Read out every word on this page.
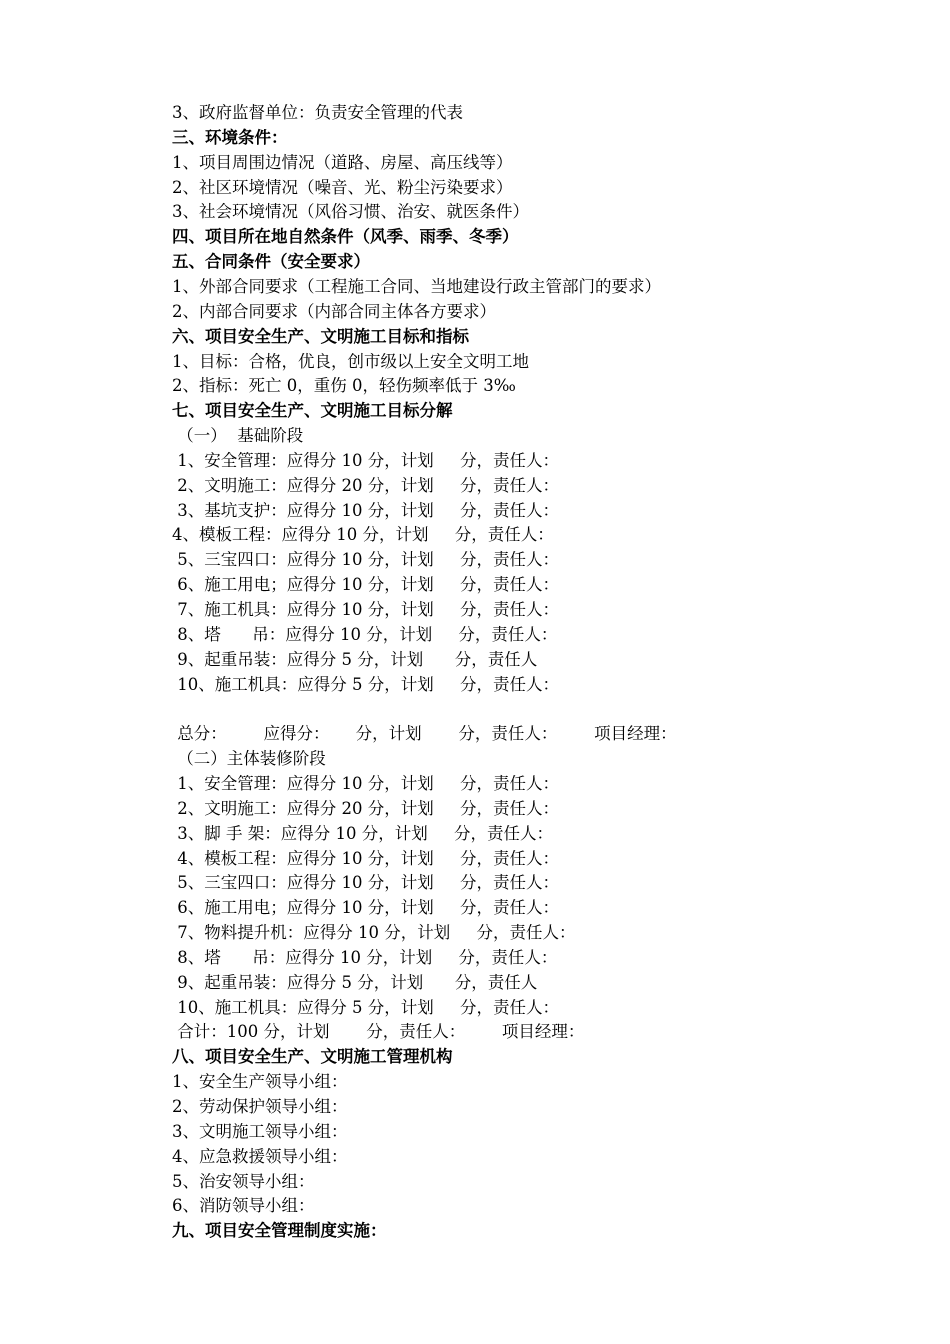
3、政府监督单位：负责安全管理的代表
三、环境条件：
1、项目周围边情况（道路、房屋、高压线等）
2、社区环境情况（噪音、光、粉尘污染要求）
3、社会环境情况（风俗习惯、治安、就医条件）
四、项目所在地自然条件（风季、雨季、冬季）
五、合同条件（安全要求）
1、外部合同要求（工程施工合同、当地建设行政主管部门的要求）
2、内部合同要求（内部合同主体各方要求）
六、项目安全生产、文明施工目标和指标
1、目标：合格，优良，创市级以上安全文明工地
2、指标：死亡 0，重伤 0，轻伤频率低于 3‰
七、项目安全生产、文明施工目标分解
（一）  基础阶段
1、安全管理：应得分 10 分，计划     分，责任人：
2、文明施工：应得分 20 分，计划     分，责任人：
3、基坑支护：应得分 10 分，计划     分，责任人：
4、模板工程：应得分 10 分，计划     分，责任人：
5、三宝四口：应得分 10 分，计划     分，责任人：
6、施工用电；应得分 10 分，计划     分，责任人：
7、施工机具：应得分 10 分，计划     分，责任人：
8、塔      吊：应得分 10 分，计划     分，责任人：
9、起重吊装：应得分 5 分，计划      分，责任人
10、施工机具：应得分 5 分，计划     分，责任人：
总分：       应得分：     分，计划       分，责任人：       项目经理：
（二）主体装修阶段
1、安全管理：应得分 10 分，计划     分，责任人：
2、文明施工：应得分 20 分，计划     分，责任人：
3、脚 手 架：应得分 10 分，计划     分，责任人：
4、模板工程：应得分 10 分，计划     分，责任人：
5、三宝四口：应得分 10 分，计划     分，责任人：
6、施工用电；应得分 10 分，计划     分，责任人：
7、物料提升机：应得分 10 分，计划     分，责任人：
8、塔      吊：应得分 10 分，计划     分，责任人：
9、起重吊装：应得分 5 分，计划      分，责任人
10、施工机具：应得分 5 分，计划     分，责任人：
合计：100 分，计划       分，责任人：       项目经理：
八、项目安全生产、文明施工管理机构
1、安全生产领导小组：
2、劳动保护领导小组：
3、文明施工领导小组：
4、应急救援领导小组：
5、治安领导小组：
6、消防领导小组：
九、项目安全管理制度实施：
